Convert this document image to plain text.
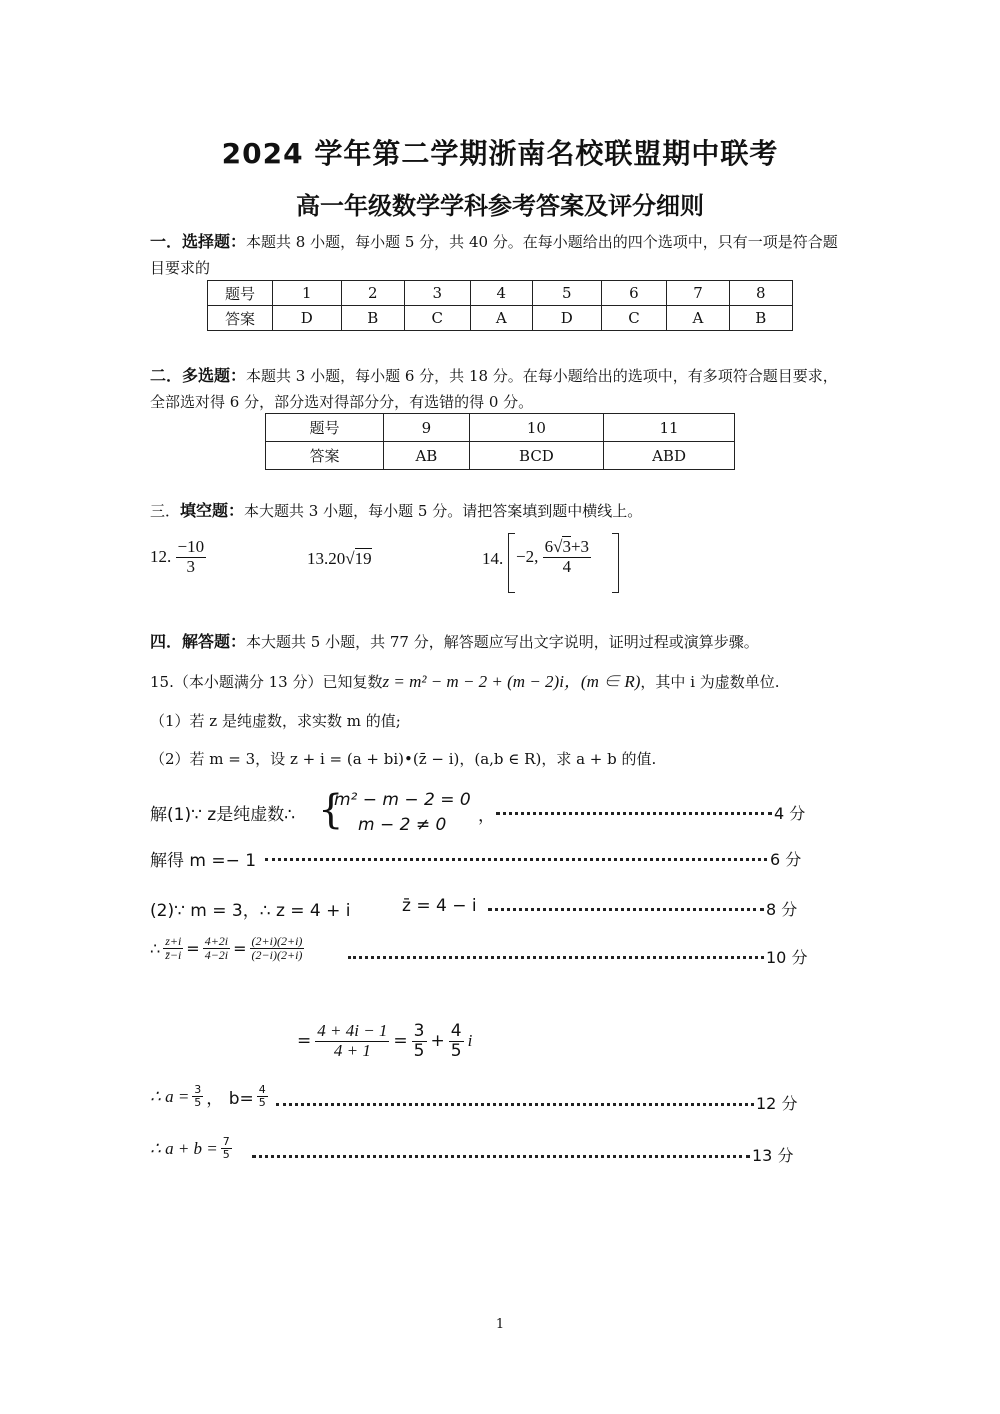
2024 学年第二学期浙南名校联盟期中联考
高一年级数学学科参考答案及评分细则
一．选择题：本题共 8 小题，每小题 5 分，共 40 分。在每小题给出的四个选项中，只有一项是符合题目要求的
题号	1	2	3	4	5	6	7	8
答案	D	B	C	A	D	C	A	B
二．多选题：本题共 3 小题，每小题 6 分，共 18 分。在每小题给出的选项中，有多项符合题目要求，全部选对得 6 分，部分选对得部分分，有选错的得 0 分。
题号	9	10	11
答案	AB	BCD	ABD
三．填空题：本大题共 3 小题，每小题 5 分。请把答案填到题中横线上。
12. $\frac{-10}{3}$	13.20√19	14. −2, $\frac{6√3+3}{4}$
四．解答题：本大题共 5 小题，共 77 分，解答题应写出文字说明，证明过程或演算步骤。
15.（本小题满分 13 分）已知复数z = m² − m − 2 + (m − 2)i，(m ∈ R)，其中 i 为虚数单位.
（1）若 z 是纯虚数，求实数 m 的值;
（2）若 m = 3，设 z + i = (a + bi)•(z̄ − i)，(a,b ∈ R)，求 a + b 的值.
解(1)∵ z是纯虚数∴ {
m² − m − 2 = 0
m − 2 ≠ 0 ，	4 分
解得 m =− 1	6 分
(2)∵ m = 3，∴ z = 4 + i	z̄ = 4 − i	8 分
∴ $\frac{z+i}{z̄-i} = \frac{4+2i}{4-2i} = \frac{(2+i)(2+i)}{(2-i)(2+i)}$	10 分
= $\frac{4 + 4i - 1}{4 + 1} = \frac{3}{5} + \frac{4}{5}$ i
∴ $a = \frac{3}{5}$ ， $b= \frac{4}{5}$	12 分
∴ $a + b = \frac{7}{5}$	13 分
1
